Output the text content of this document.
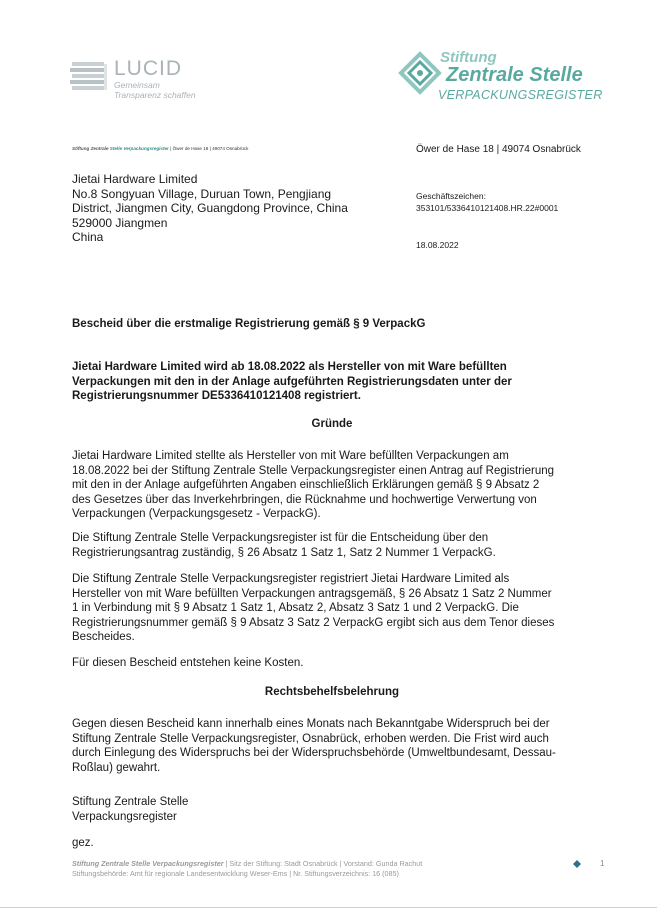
LUCID
Gemeinsam
Transparenz schaffen
Stiftung
Zentrale Stelle
VERPACKUNGSREGISTER
Stiftung Zentrale Stelle Verpackungsregister | Öwer de Hase 18 | 49074 Osnabrück
Jietai Hardware Limited
No.8 Songyuan Village, Duruan Town, Pengjiang
District, Jiangmen City, Guangdong Province, China
529000 Jiangmen
China
Öwer de Hase 18 | 49074 Osnabrück
Geschäftszeichen:
353101/5336410121408.HR.22#0001
18.08.2022
Bescheid über die erstmalige Registrierung gemäß § 9 VerpackG
Jietai Hardware Limited wird ab 18.08.2022 als Hersteller von mit Ware befüllten
Verpackungen mit den in der Anlage aufgeführten Registrierungsdaten unter der
Registrierungsnummer DE5336410121408 registriert.
Gründe
Jietai Hardware Limited stellte als Hersteller von mit Ware befüllten Verpackungen am
18.08.2022 bei der Stiftung Zentrale Stelle Verpackungsregister einen Antrag auf Registrierung
mit den in der Anlage aufgeführten Angaben einschließlich Erklärungen gemäß § 9 Absatz 2
des Gesetzes über das Inverkehrbringen, die Rücknahme und hochwertige Verwertung von
Verpackungen (Verpackungsgesetz - VerpackG).
Die Stiftung Zentrale Stelle Verpackungsregister ist für die Entscheidung über den
Registrierungsantrag zuständig, § 26 Absatz 1 Satz 1, Satz 2 Nummer 1 VerpackG.
Die Stiftung Zentrale Stelle Verpackungsregister registriert Jietai Hardware Limited als
Hersteller von mit Ware befüllten Verpackungen antragsgemäß, § 26 Absatz 1 Satz 2 Nummer
1 in Verbindung mit § 9 Absatz 1 Satz 1, Absatz 2, Absatz 3 Satz 1 und 2 VerpackG. Die
Registrierungsnummer gemäß § 9 Absatz 3 Satz 2 VerpackG ergibt sich aus dem Tenor dieses
Bescheides.
Für diesen Bescheid entstehen keine Kosten.
Rechtsbehelfsbelehrung
Gegen diesen Bescheid kann innerhalb eines Monats nach Bekanntgabe Widerspruch bei der
Stiftung Zentrale Stelle Verpackungsregister, Osnabrück, erhoben werden. Die Frist wird auch
durch Einlegung des Widerspruchs bei der Widerspruchsbehörde (Umweltbundesamt, Dessau-
Roßlau) gewahrt.
Stiftung Zentrale Stelle
Verpackungsregister
gez.
Stiftung Zentrale Stelle Verpackungsregister | Sitz der Stiftung: Stadt Osnabrück | Vorstand: Gunda Rachut
Stiftungsbehörde: Amt für regionale Landesentwicklung Weser-Ems | Nr. Stiftungsverzeichnis: 16 (085)
1
